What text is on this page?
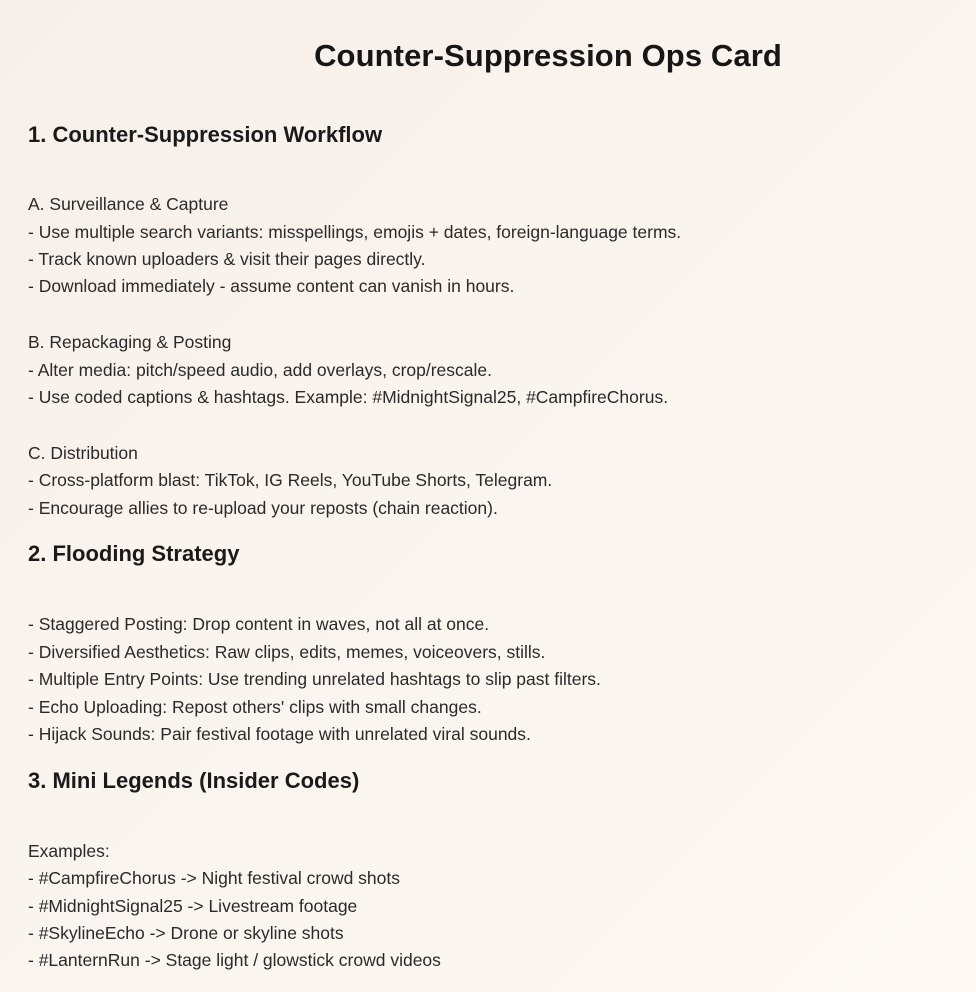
Counter-Suppression Ops Card
1. Counter-Suppression Workflow
A. Surveillance & Capture
- Use multiple search variants: misspellings, emojis + dates, foreign-language terms.
- Track known uploaders & visit their pages directly.
- Download immediately - assume content can vanish in hours.
B. Repackaging & Posting
- Alter media: pitch/speed audio, add overlays, crop/rescale.
- Use coded captions & hashtags. Example: #MidnightSignal25, #CampfireChorus.
C. Distribution
- Cross-platform blast: TikTok, IG Reels, YouTube Shorts, Telegram.
- Encourage allies to re-upload your reposts (chain reaction).
2. Flooding Strategy
- Staggered Posting: Drop content in waves, not all at once.
- Diversified Aesthetics: Raw clips, edits, memes, voiceovers, stills.
- Multiple Entry Points: Use trending unrelated hashtags to slip past filters.
- Echo Uploading: Repost others' clips with small changes.
- Hijack Sounds: Pair festival footage with unrelated viral sounds.
3. Mini Legends (Insider Codes)
Examples:
- #CampfireChorus -> Night festival crowd shots
- #MidnightSignal25 -> Livestream footage
- #SkylineEcho -> Drone or skyline shots
- #LanternRun -> Stage light / glowstick crowd videos
